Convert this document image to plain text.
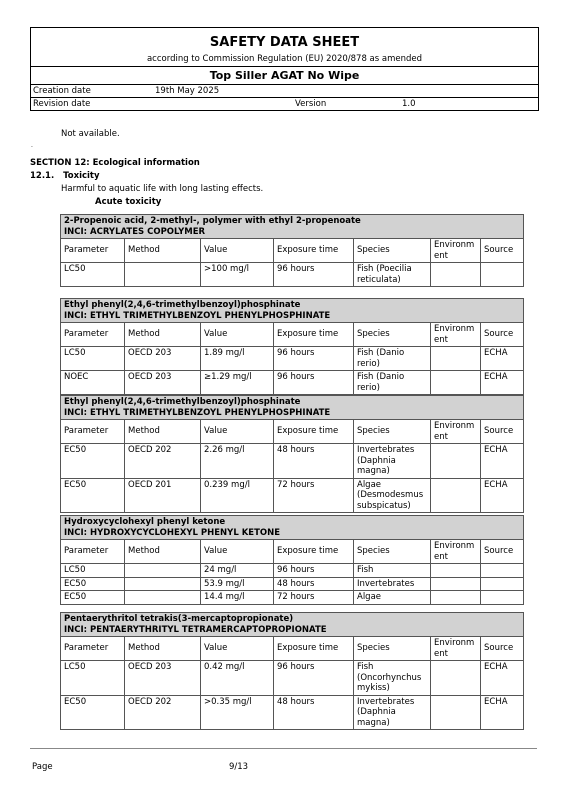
SAFETY DATA SHEET
according to Commission Regulation (EU) 2020/878 as amended
Top Siller AGAT No Wipe
Creation date	19th May 2025
Revision date	Version	1.0
Not available.
.
SECTION 12: Ecological information
12.1.   Toxicity
Harmful to aquatic life with long lasting effects.
Acute toxicity
2-Propenoic acid, 2-methyl-, polymer with ethyl 2-propenoate
INCI: ACRYLATES COPOLYMER						

Parameter	Method	Value	Exposure time	Species	Environm ent	Source
LC50		>100 mg/l	96 hours	Fish (Poecilia reticulata)		
Ethyl phenyl(2,4,6-trimethylbenzoyl)phosphinate
INCI: ETHYL TRIMETHYLBENZOYL PHENYLPHOSPHINATE						

Parameter	Method	Value	Exposure time	Species	Environm ent	Source
LC50	OECD 203	1.89 mg/l	96 hours	Fish (Danio rerio)		ECHA
NOEC	OECD 203	≥1.29 mg/l	96 hours	Fish (Danio rerio)		ECHA
Ethyl phenyl(2,4,6-trimethylbenzoyl)phosphinate
INCI: ETHYL TRIMETHYLBENZOYL PHENYLPHOSPHINATE						

Parameter	Method	Value	Exposure time	Species	Environm ent	Source
EC50	OECD 202	2.26 mg/l	48 hours	Invertebrates (Daphnia magna)		ECHA
EC50	OECD 201	0.239 mg/l	72 hours	Algae (Desmodesmus subspicatus)		ECHA
Hydroxycyclohexyl phenyl ketone
INCI: HYDROXYCYCLOHEXYL PHENYL KETONE						

Parameter	Method	Value	Exposure time	Species	Environm ent	Source
LC50		24 mg/l	96 hours	Fish		
EC50		53.9 mg/l	48 hours	Invertebrates		
EC50		14.4 mg/l	72 hours	Algae		
Pentaerythritol tetrakis(3-mercaptopropionate)
INCI: PENTAERYTHRITYL TETRAMERCAPTOPROPIONATE						

Parameter	Method	Value	Exposure time	Species	Environm ent	Source
LC50	OECD 203	0.42 mg/l	96 hours	Fish (Oncorhynchus mykiss)		ECHA
EC50	OECD 202	>0.35 mg/l	48 hours	Invertebrates (Daphnia magna)		ECHA
Page	9/13
